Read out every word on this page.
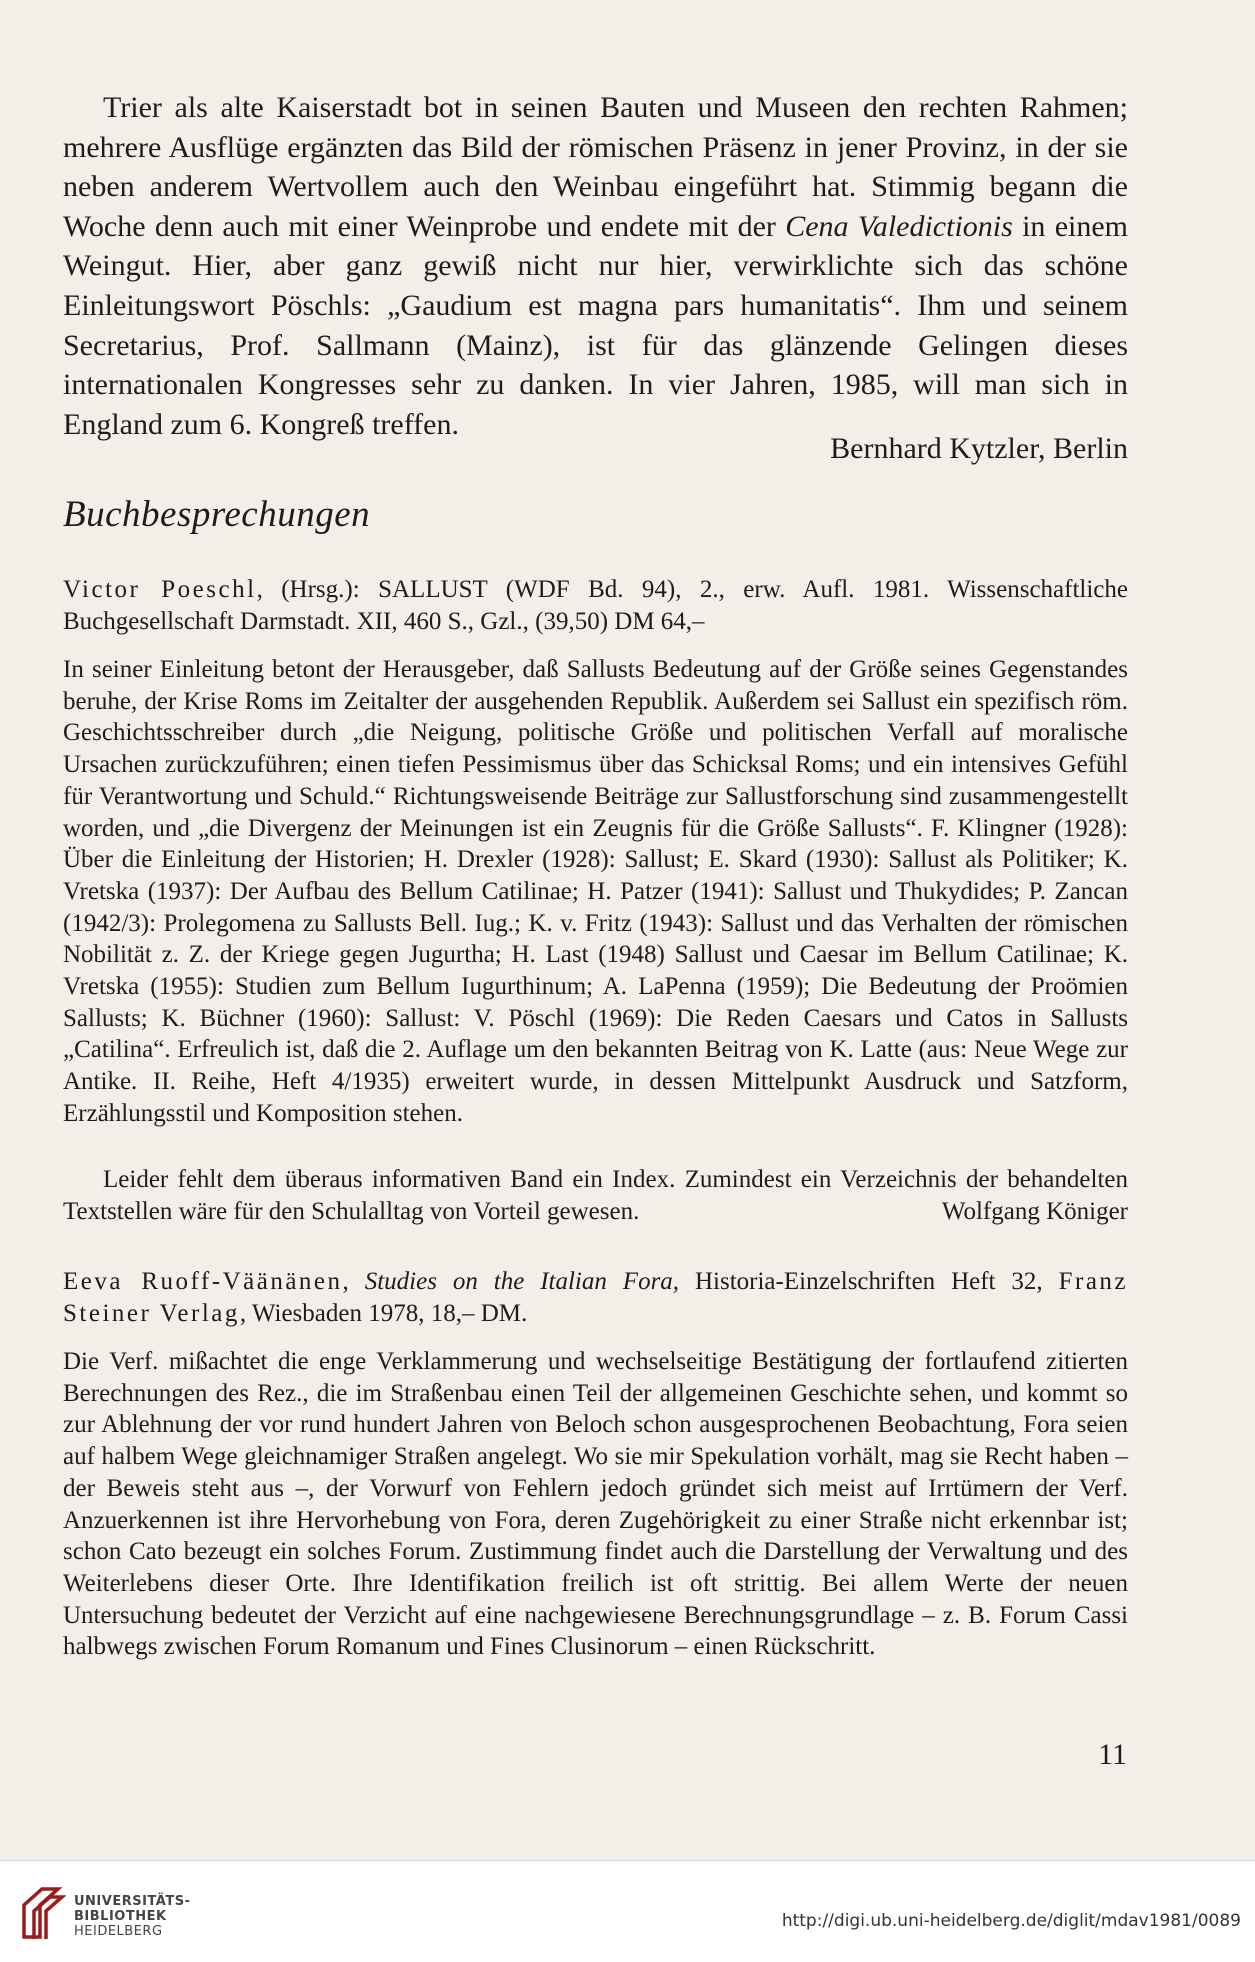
Trier als alte Kaiserstadt bot in seinen Bauten und Museen den rechten Rahmen; mehrere Ausflüge ergänzten das Bild der römischen Präsenz in jener Provinz, in der sie neben anderem Wertvollem auch den Weinbau eingeführt hat. Stimmig begann die Woche denn auch mit einer Weinprobe und endete mit der Cena Valedictionis in einem Weingut. Hier, aber ganz gewiß nicht nur hier, verwirklichte sich das schöne Einleitungswort Pöschls: „Gaudium est magna pars humanitatis“. Ihm und seinem Secretarius, Prof. Sallmann (Mainz), ist für das glänzende Gelingen dieses internationalen Kongresses sehr zu danken. In vier Jahren, 1985, will man sich in England zum 6. Kongreß treffen.

Bernhard Kytzler, Berlin

Buchbesprechungen

Victor Poeschl, (Hrsg.): SALLUST (WDF Bd. 94), 2., erw. Aufl. 1981. Wissenschaftliche Buchgesellschaft Darmstadt. XII, 460 S., Gzl., (39,50) DM 64,–

In seiner Einleitung betont der Herausgeber, daß Sallusts Bedeutung auf der Größe seines Gegenstandes beruhe, der Krise Roms im Zeitalter der ausgehenden Republik. Außerdem sei Sallust ein spezifisch röm. Geschichtsschreiber durch „die Neigung, politische Größe und politischen Verfall auf moralische Ursachen zurückzuführen; einen tiefen Pessimismus über das Schicksal Roms; und ein intensives Gefühl für Verantwortung und Schuld.“ Richtungsweisende Beiträge zur Sallustforschung sind zusammengestellt worden, und „die Divergenz der Meinungen ist ein Zeugnis für die Größe Sallusts“. F. Klingner (1928): Über die Einleitung der Historien; H. Drexler (1928): Sallust; E. Skard (1930): Sallust als Politiker; K. Vretska (1937): Der Aufbau des Bellum Catilinae; H. Patzer (1941): Sallust und Thukydides; P. Zancan (1942/3): Prolegomena zu Sallusts Bell. Iug.; K. v. Fritz (1943): Sallust und das Verhalten der römischen Nobilität z. Z. der Kriege gegen Jugurtha; H. Last (1948) Sallust und Caesar im Bellum Catilinae; K. Vretska (1955): Studien zum Bellum Iugurthinum; A. LaPenna (1959); Die Bedeutung der Proömien Sallusts; K. Büchner (1960): Sallust: V. Pöschl (1969): Die Reden Caesars und Catos in Sallusts „Catilina“. Erfreulich ist, daß die 2. Auflage um den bekannten Beitrag von K. Latte (aus: Neue Wege zur Antike. II. Reihe, Heft 4/1935) erweitert wurde, in dessen Mittelpunkt Ausdruck und Satzform, Erzählungsstil und Komposition stehen.

Leider fehlt dem überaus informativen Band ein Index. Zumindest ein Verzeichnis der behandelten Textstellen wäre für den Schulalltag von Vorteil gewesen.	Wolfgang Königer

Eeva Ruoff-Väänänen, Studies on the Italian Fora, Historia-Einzelschriften Heft 32, Franz Steiner Verlag, Wiesbaden 1978, 18,– DM.

Die Verf. mißachtet die enge Verklammerung und wechselseitige Bestätigung der fortlaufend zitierten Berechnungen des Rez., die im Straßenbau einen Teil der allgemeinen Geschichte sehen, und kommt so zur Ablehnung der vor rund hundert Jahren von Beloch schon ausgesprochenen Beobachtung, Fora seien auf halbem Wege gleichnamiger Straßen angelegt. Wo sie mir Spekulation vorhält, mag sie Recht haben – der Beweis steht aus –, der Vorwurf von Fehlern jedoch gründet sich meist auf Irrtümern der Verf. Anzuerkennen ist ihre Hervorhebung von Fora, deren Zugehörigkeit zu einer Straße nicht erkennbar ist; schon Cato bezeugt ein solches Forum. Zustimmung findet auch die Darstellung der Verwaltung und des Weiterlebens dieser Orte. Ihre Identifikation freilich ist oft strittig. Bei allem Werte der neuen Untersuchung bedeutet der Verzicht auf eine nachgewiesene Berechnungsgrundlage – z. B. Forum Cassi halbwegs zwischen Forum Romanum und Fines Clusinorum – einen Rückschritt.

11

UNIVERSITÄTS-
BIBLIOTHEK
HEIDELBERG
http://digi.ub.uni-heidelberg.de/diglit/mdav1981/0089
